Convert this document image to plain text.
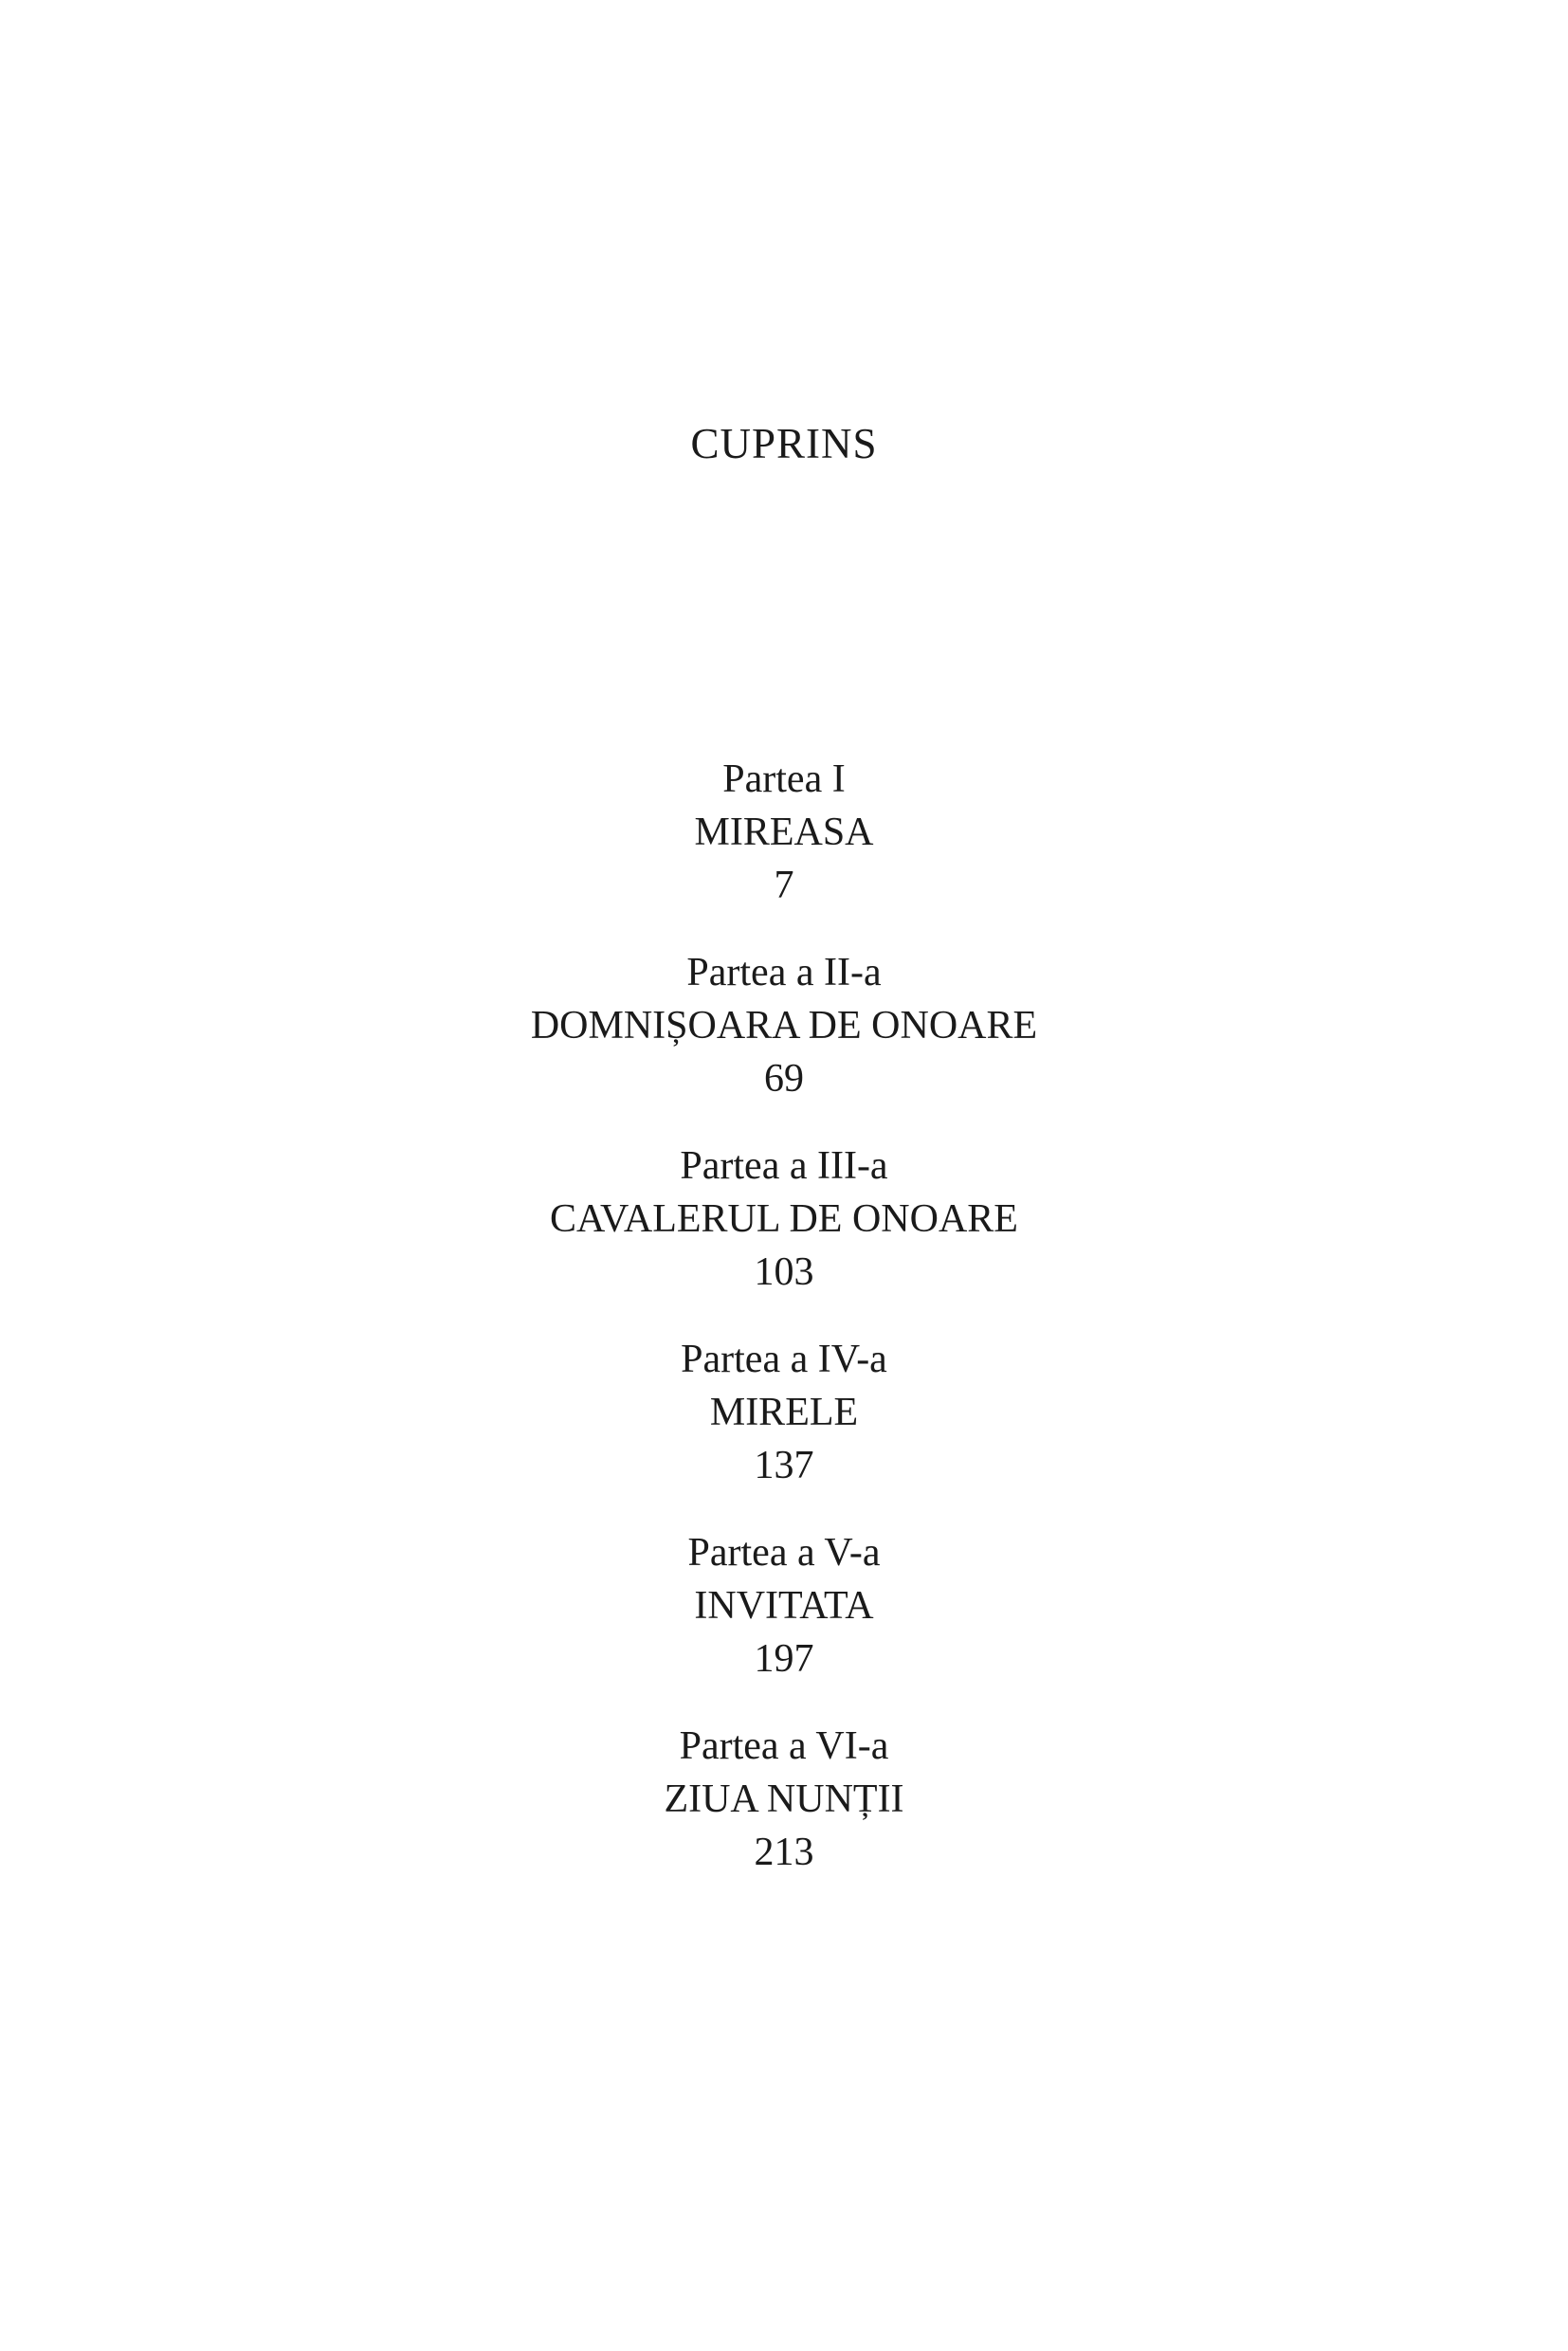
CUPRINS
Partea I
MIREASA
7
Partea a II-a
DOMNIȘOARA DE ONOARE
69
Partea a III-a
CAVALERUL DE ONOARE
103
Partea a IV-a
MIRELE
137
Partea a V-a
INVITATA
197
Partea a VI-a
ZIUA NUNȚII
213
